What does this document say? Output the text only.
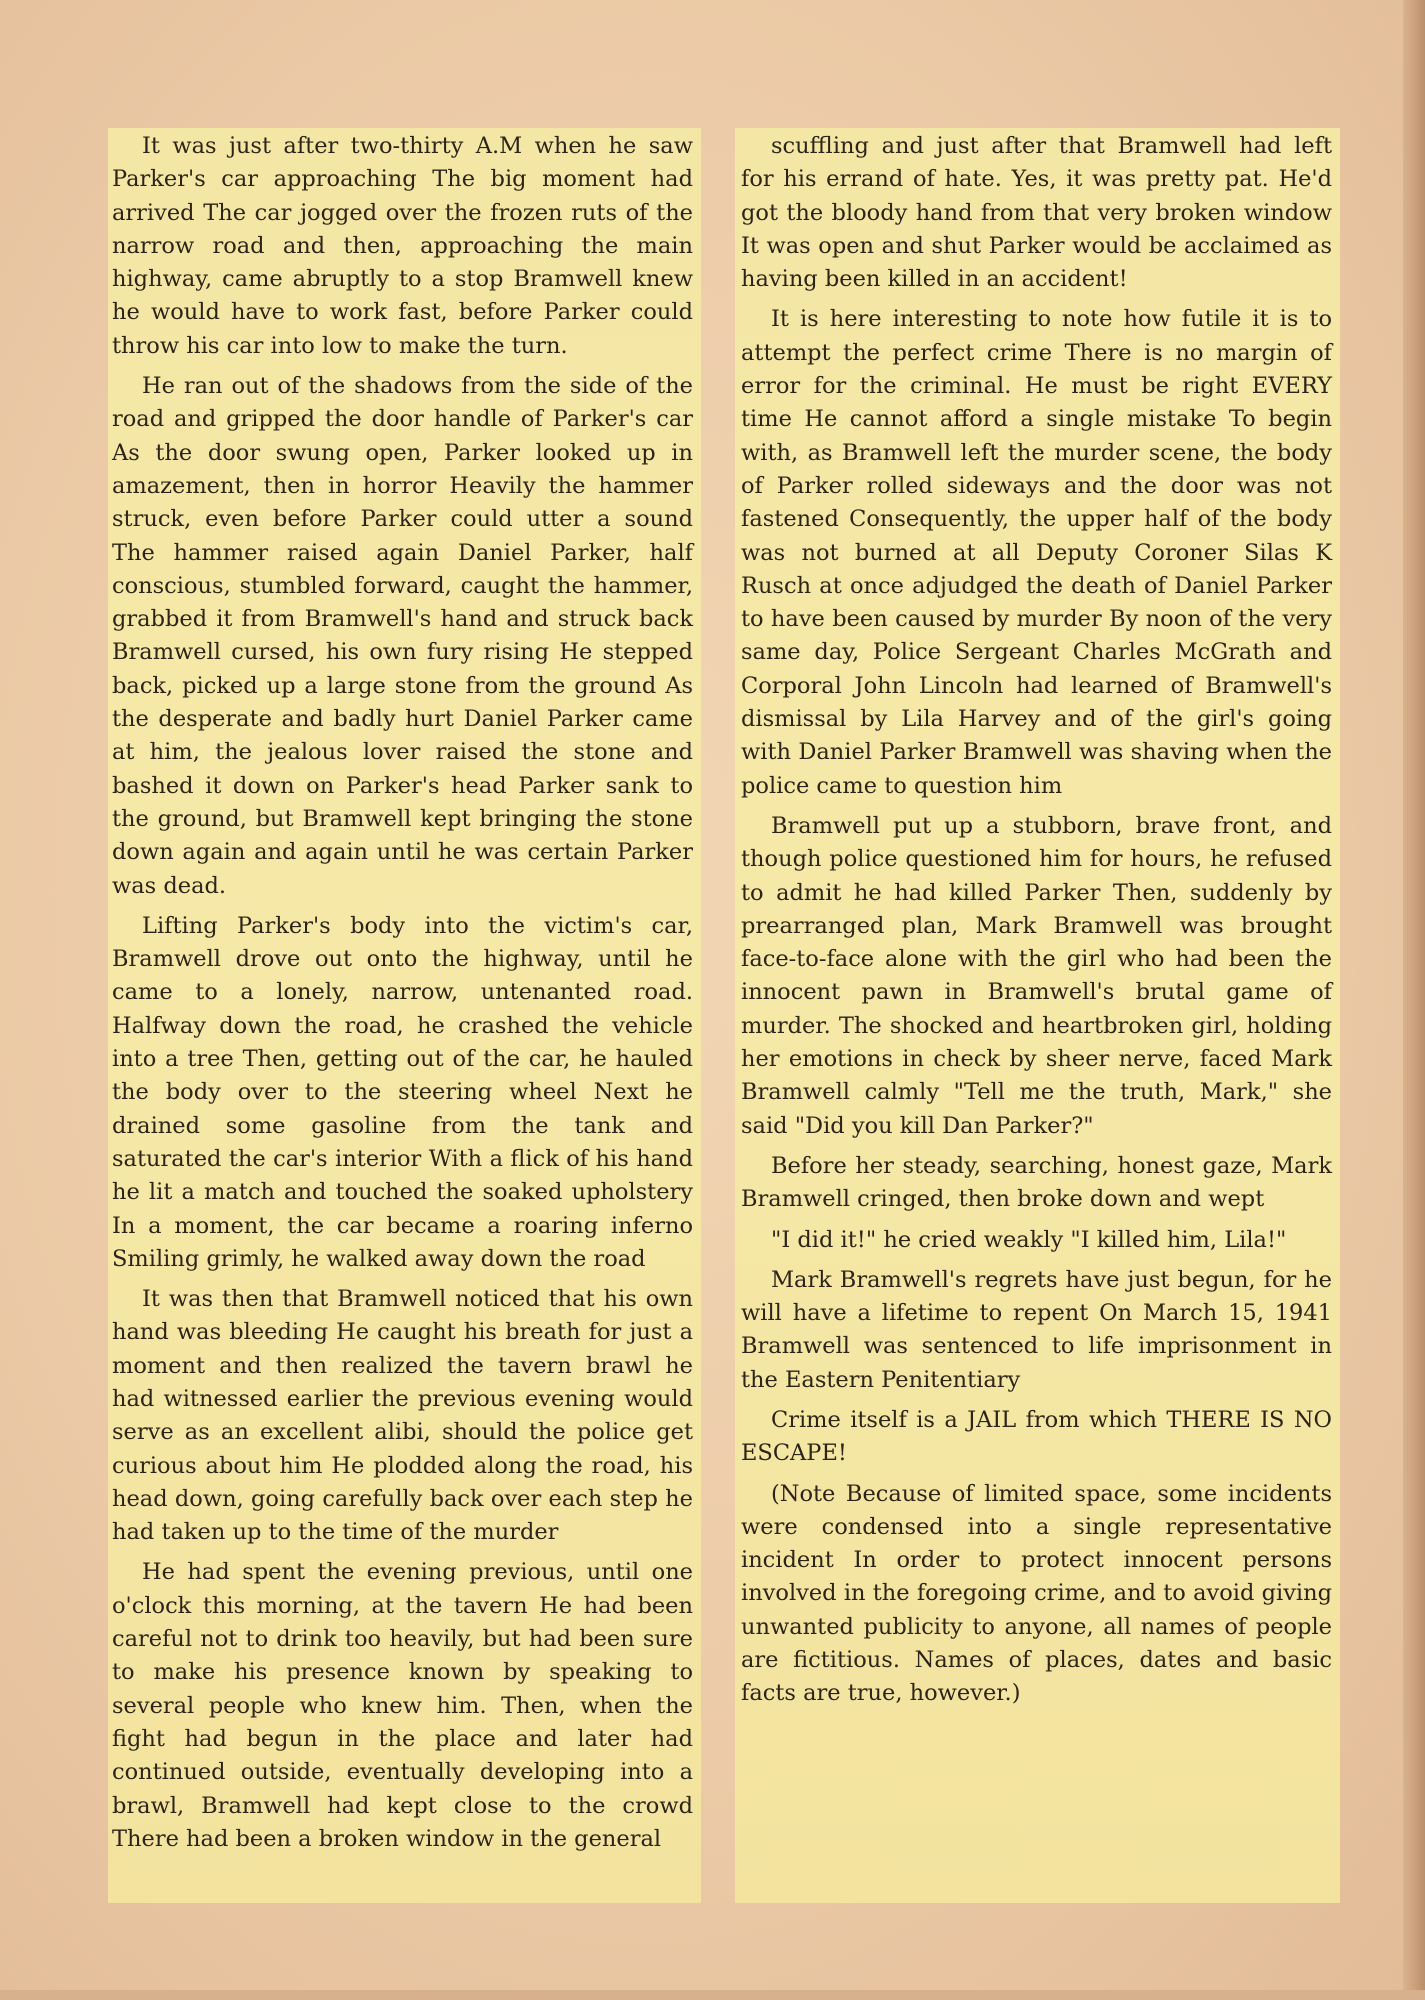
It was just after two-thirty A.M when he saw Parker's car approaching The big moment had arrived The car jogged over the frozen ruts of the narrow road and then, approaching the main highway, came abruptly to a stop Bramwell knew he would have to work fast, before Parker could throw his car into low to make the turn.

He ran out of the shadows from the side of the road and gripped the door handle of Parker's car As the door swung open, Parker looked up in amazement, then in horror Heavily the hammer struck, even before Parker could utter a sound The hammer raised again Daniel Parker, half conscious, stumbled forward, caught the hammer, grabbed it from Bramwell's hand and struck back Bramwell cursed, his own fury rising He stepped back, picked up a large stone from the ground As the desperate and badly hurt Daniel Parker came at him, the jealous lover raised the stone and bashed it down on Parker's head Parker sank to the ground, but Bramwell kept bringing the stone down again and again until he was certain Parker was dead.

Lifting Parker's body into the victim's car, Bramwell drove out onto the highway, until he came to a lonely, narrow, untenanted road. Halfway down the road, he crashed the vehicle into a tree Then, getting out of the car, he hauled the body over to the steering wheel Next he drained some gasoline from the tank and saturated the car's interior With a flick of his hand he lit a match and touched the soaked upholstery In a moment, the car became a roaring inferno Smiling grimly, he walked away down the road

It was then that Bramwell noticed that his own hand was bleeding He caught his breath for just a moment and then realized the tavern brawl he had witnessed earlier the previous evening would serve as an excellent alibi, should the police get curious about him He plodded along the road, his head down, going carefully back over each step he had taken up to the time of the murder

He had spent the evening previous, until one o'clock this morning, at the tavern He had been careful not to drink too heavily, but had been sure to make his presence known by speaking to several people who knew him. Then, when the fight had begun in the place and later had continued outside, eventually developing into a brawl, Bramwell had kept close to the crowd There had been a broken window in the general

scuffling and just after that Bramwell had left for his errand of hate. Yes, it was pretty pat. He'd got the bloody hand from that very broken window It was open and shut Parker would be acclaimed as having been killed in an accident!

It is here interesting to note how futile it is to attempt the perfect crime There is no margin of error for the criminal. He must be right EVERY time He cannot afford a single mistake To begin with, as Bramwell left the murder scene, the body of Parker rolled sideways and the door was not fastened Consequently, the upper half of the body was not burned at all Deputy Coroner Silas K Rusch at once adjudged the death of Daniel Parker to have been caused by murder By noon of the very same day, Police Sergeant Charles McGrath and Corporal John Lincoln had learned of Bramwell's dismissal by Lila Harvey and of the girl's going with Daniel Parker Bramwell was shaving when the police came to question him

Bramwell put up a stubborn, brave front, and though police questioned him for hours, he refused to admit he had killed Parker Then, suddenly by prearranged plan, Mark Bramwell was brought face-to-face alone with the girl who had been the innocent pawn in Bramwell's brutal game of murder. The shocked and heartbroken girl, holding her emotions in check by sheer nerve, faced Mark Bramwell calmly "Tell me the truth, Mark," she said "Did you kill Dan Parker?"

Before her steady, searching, honest gaze, Mark Bramwell cringed, then broke down and wept

"I did it!" he cried weakly "I killed him, Lila!"

Mark Bramwell's regrets have just begun, for he will have a lifetime to repent On March 15, 1941 Bramwell was sentenced to life imprisonment in the Eastern Penitentiary

Crime itself is a JAIL from which THERE IS NO ESCAPE!

(Note Because of limited space, some incidents were condensed into a single representative incident In order to protect innocent persons involved in the foregoing crime, and to avoid giving unwanted publicity to anyone, all names of people are fictitious. Names of places, dates and basic facts are true, however.)
